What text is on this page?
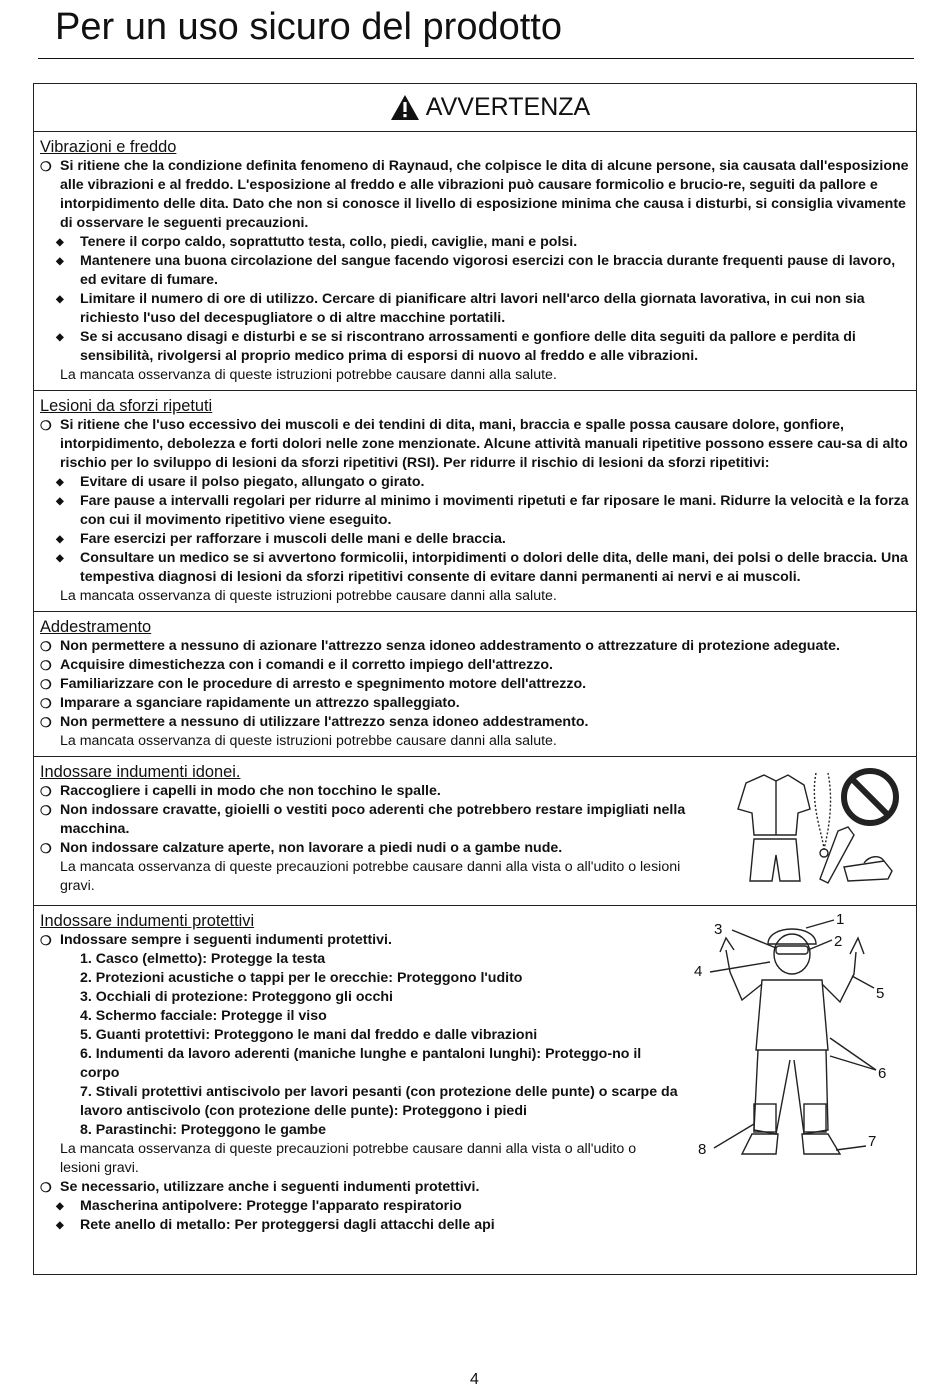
Per un uso sicuro del prodotto
AVVERTENZA
Vibrazioni e freddo
❍ Si ritiene che la condizione definita fenomeno di Raynaud, che colpisce le dita di alcune persone, sia causata dall'esposizione alle vibrazioni e al freddo. L'esposizione al freddo e alle vibrazioni può causare formicolio e brucio-re, seguiti da pallore e intorpidimento delle dita. Dato che non si conosce il livello di esposizione minima che causa i disturbi, si consiglia vivamente di osservare le seguenti precauzioni.
◆	Tenere il corpo caldo, soprattutto testa, collo, piedi, caviglie, mani e polsi.
◆	Mantenere una buona circolazione del sangue facendo vigorosi esercizi con le braccia durante frequenti pause di lavoro, ed evitare di fumare.
◆	Limitare il numero di ore di utilizzo. Cercare di pianificare altri lavori nell'arco della giornata lavorativa, in cui non sia richiesto l'uso del decespugliatore o di altre macchine portatili.
◆	Se si accusano disagi e disturbi e se si riscontrano arrossamenti e gonfiore delle dita seguiti da pallore e perdita di sensibilità, rivolgersi al proprio medico prima di esporsi di nuovo al freddo e alle vibrazioni.
La mancata osservanza di queste istruzioni potrebbe causare danni alla salute.
Lesioni da sforzi ripetuti
❍ Si ritiene che l'uso eccessivo dei muscoli e dei tendini di dita, mani, braccia e spalle possa causare dolore, gonfiore, intorpidimento, debolezza e forti dolori nelle zone menzionate. Alcune attività manuali ripetitive possono essere cau-sa di alto rischio per lo sviluppo di lesioni da sforzi ripetitivi (RSI). Per ridurre il rischio di lesioni da sforzi ripetitivi:
◆	Evitare di usare il polso piegato, allungato o girato.
◆	Fare pause a intervalli regolari per ridurre al minimo i movimenti ripetuti e far riposare le mani. Ridurre la velocità e la forza con cui il movimento ripetitivo viene eseguito.
◆	Fare esercizi per rafforzare i muscoli delle mani e delle braccia.
◆	Consultare un medico se si avvertono formicolii, intorpidimenti o dolori delle dita, delle mani, dei polsi o delle braccia. Una tempestiva diagnosi di lesioni da sforzi ripetitivi consente di evitare danni permanenti ai nervi e ai muscoli.
La mancata osservanza di queste istruzioni potrebbe causare danni alla salute.
Addestramento
❍ Non permettere a nessuno di azionare l'attrezzo senza idoneo addestramento o attrezzature di protezione adeguate.
❍ Acquisire dimestichezza con i comandi e il corretto impiego dell'attrezzo.
❍ Familiarizzare con le procedure di arresto e spegnimento motore dell'attrezzo.
❍ Imparare a sganciare rapidamente un attrezzo spalleggiato.
❍ Non permettere a nessuno di utilizzare l'attrezzo senza idoneo addestramento.
La mancata osservanza di queste istruzioni potrebbe causare danni alla salute.
Indossare indumenti idonei.
❍ Raccogliere i capelli in modo che non tocchino le spalle.
❍ Non indossare cravatte, gioielli o vestiti poco aderenti che potrebbero restare impigliati nella macchina.
❍ Non indossare calzature aperte, non lavorare a piedi nudi o a gambe nude.
La mancata osservanza di queste precauzioni potrebbe causare danni alla vista o all'udito o lesioni gravi.
Indossare indumenti protettivi
❍ Indossare sempre i seguenti indumenti protettivi.
1. Casco (elmetto): Protegge la testa
2. Protezioni acustiche o tappi per le orecchie: Proteggono l'udito
3. Occhiali di protezione: Proteggono gli occhi
4. Schermo facciale: Protegge il viso
5. Guanti protettivi: Proteggono le mani dal freddo e dalle vibrazioni
6. Indumenti da lavoro aderenti (maniche lunghe e pantaloni lunghi): Proteggo-no il corpo
7. Stivali protettivi antiscivolo per lavori pesanti (con protezione delle punte) o scarpe da lavoro antiscivolo (con protezione delle punte): Proteggono i piedi
8. Parastinchi: Proteggono le gambe
La mancata osservanza di queste precauzioni potrebbe causare danni alla vista o all'udito o lesioni gravi.
❍ Se necessario, utilizzare anche i seguenti indumenti protettivi.
◆	Mascherina antipolvere: Protegge l'apparato respiratorio
◆	Rete anello di metallo: Per proteggersi dagli attacchi delle api
1
2
3
4
5
6
7
8
4
